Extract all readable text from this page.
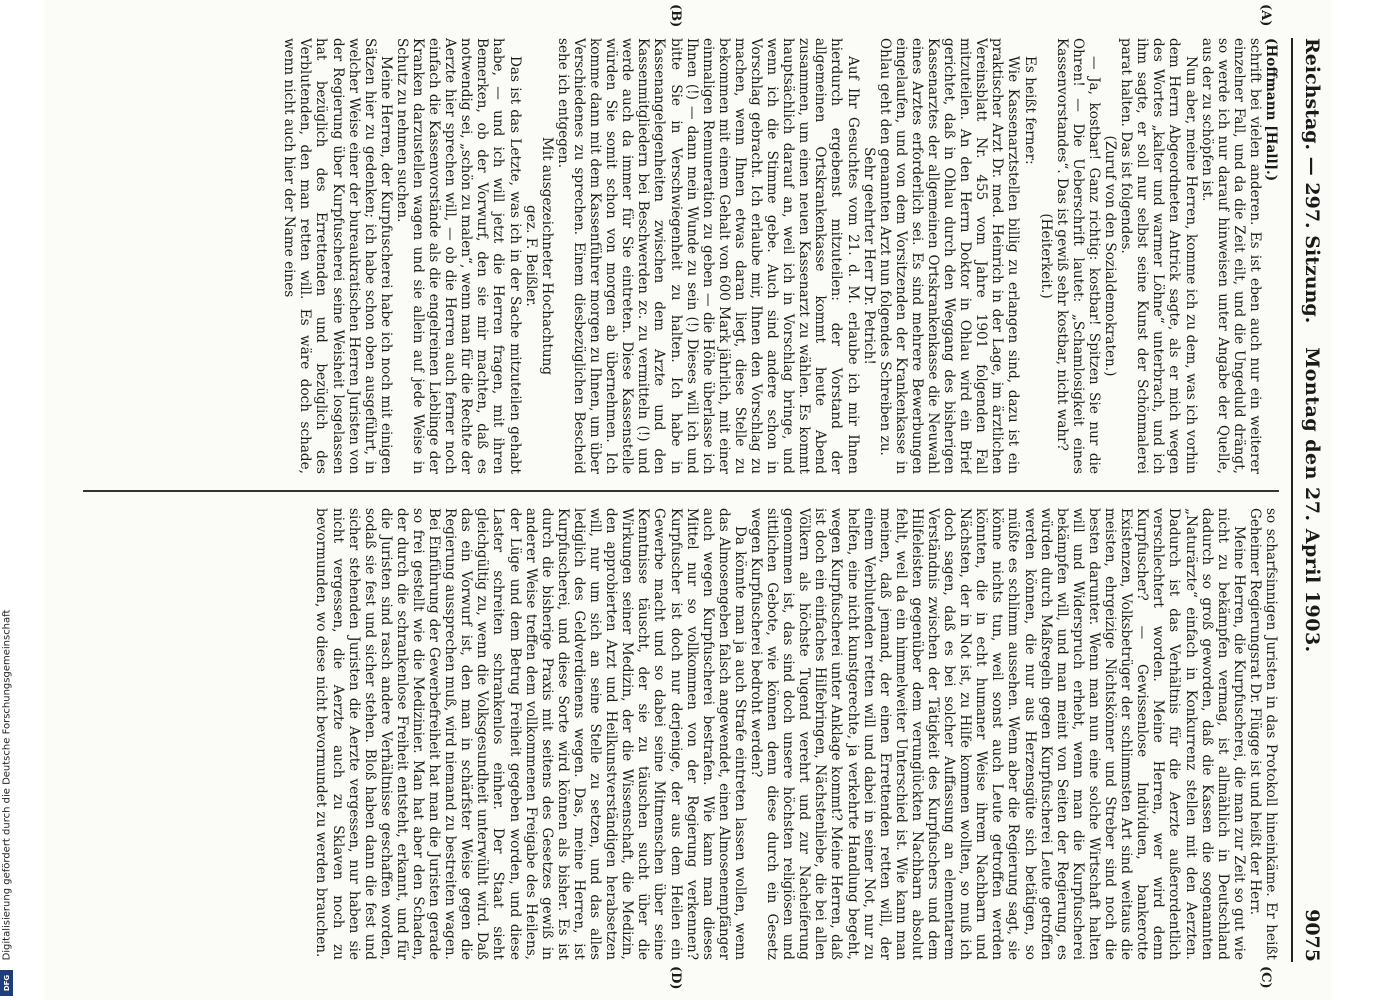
Reichstag. — 297. Sitzung.
Montag den 27. April 1903.
9075
(A)
(B)
(C)
(D)

(Hoffmann [Hall].)

schrift bei vielen anderen. Es ist eben auch nur ein weiterer einzelner Fall, und da die Zeit eilt, und die Ungeduld drängt, so werde ich nur darauf hinweisen unter Angabe der Quelle, aus der zu schöpfen ist.

Nun aber, meine Herren, komme ich zu dem, was ich vorhin dem Herrn Abgeordneten Antrick sagte, als er mich wegen des Wortes „kalter und warmer Löhne“ unterbrach, und ich ihm sagte, er soll nur selbst seine Kunst der Schönmalerei parat halten. Das ist folgendes.

(Zuruf von den Sozialdemokraten.)

— Ja, kostbar! Ganz richtig: kostbar! Spitzen Sie nur die Ohren! — Die Ueberschrift lautet: „Schamlosigkeit eines Kassenvorstandes“. Das ist gewiß sehr kostbar, nicht wahr?

(Heiterkeit.)

Es heißt ferner:

Wie Kassenarztstellen billig zu erlangen sind, dazu ist ein praktischer Arzt Dr. med. Heinrich in der Lage, im ärztlichen Vereinsblatt Nr. 455 vom Jahre 1901 folgenden Fall mitzuteilen. An den Herrn Doktor in Ohlau wird ein Brief gerichtet, daß in Ohlau durch den Weggang des bisherigen Kassenarztes der allgemeinen Ortskrankenkasse die Neuwahl eines Arztes erforderlich sei. Es sind mehrere Bewerbungen eingelaufen, und von dem Vorsitzenden der Krankenkasse in Ohlau geht den genannten Arzt nun folgendes Schreiben zu.

Sehr geehrter Herr Dr. Petrich!

Auf Ihr Gesuchtes vom 21. d. M. erlaube ich mir Ihnen hierdurch ergebenst mitzuteilen: der Vorstand der allgemeinen Ortskrankenkasse kommt heute Abend zusammen, um einen neuen Kassenarzt zu wählen. Es kommt hauptsächlich darauf an, weil ich in Vorschlag bringe, und wenn ich die Stimme gebe. Auch sind andere schon in Vorschlag gebracht. Ich erlaube mir, Ihnen den Vorschlag zu machen, wenn Ihnen etwas daran liegt, diese Stelle zu bekommen mit einem Gehalt von 600 Mark jährlich, mit einer einmaligen Remuneration zu geben — die Höhe überlasse ich Ihnen (!) — dann mein Wunde zu sein (!) Dieses will ich und bitte Sie in Verschwiegenheit zu halten. Ich habe in Kassenangelegenheiten zwischen dem Arzte und den Kassenmitgliedern bei Beschwerden zc. zu vermitteln (!) und werde auch da immer für Sie eintreten. Diese Kassenstelle würden Sie somit schon von morgen ab übernehmen. Ich komme dann mit dem Kassenführer morgen zu Ihnen, um über Verschiedenes zu sprechen. Einem diesbezüglichen Bescheid sehe ich entgegen.

Mit ausgezeichneter Hochachtung

gez. F. Beißler.

Das ist das Letzte, was ich in der Sache mitzuteilen gehabt habe, — und ich will jetzt die Herren fragen, mit ihren Bemerken, ob der Vorwurf, den sie mir machten, daß es notwendig sei, „schön zu malen“, wenn man für die Rechte der Aerzte hier sprechen will, — ob die Herren auch ferner noch einfach die Kassenvorstände als die engelreinen Lieblinge der Kranken darzustellen wagen und sie allein auf jede Weise in Schutz zu nehmen suchen.

Meine Herren, der Kurpfuscherei habe ich noch mit einigen Sätzen hier zu gedenken; ich habe schon oben ausgeführt, in welcher Weise einer der bureaukratischen Herren Juristen von der Regierung über Kurpfuscherei seine Weisheit losgelassen hat bezüglich des Errettenden und bezüglich des Verblutenden, den man retten will. Es wäre doch schade, wenn nicht auch hier der Name eines

so scharfsinnigen Juristen in das Protokoll hineinkäme. Er heißt Geheimer Regierungsrat Dr. Flügge ist und heißt der Herr.

Meine Herren, die Kurpfuscherei, die man zur Zeit so gut wie nicht zu bekämpfen vermag, ist allmählich in Deutschland dadurch so groß geworden, daß die Kassen die sogenannten „Naturärzte“ einfach in Konkurrenz stellen mit den Aerzten. Dadurch ist das Verhältnis für die Aerzte außerordentlich verschlechtert worden. Meine Herren, wer wird denn Kurpfuscher? — Gewissenlose Individuen, bankerotte Existenzen, Volksbetrüger der schlimmsten Art sind weitaus die meisten, ehrgeizige Nichtskönner und Streber sind noch die besten darunter. Wenn man nun eine solche Wirtschaft halten will und Widerspruch erhebt, wenn man die Kurpfuscherei bekämpfen will, und man meint von Seiten der Regierung, es würden durch Maßregeln gegen Kurpfuscherei Leute getroffen werden können, die nur aus Herzensgüte sich betätigen, so müßte es schlimm aussehen. Wenn aber die Regierung sagt, sie könne nichts tun, weil sonst auch Leute getroffen werden könnten, die in echt humaner Weise ihrem Nachbarn und Nächsten, der in Not ist, zu Hilfe kommen wollten, so muß ich doch sagen, daß es bei solcher Auffassung an elementarem Verständnis zwischen der Tätigkeit des Kurpfuschers und dem Hilfeleisten gegenüber dem verunglückten Nachbarn absolut fehlt, weil da ein himmelweiter Unterschied ist. Wie kann man meinen, daß jemand, der einen Errettenden retten will, der einem Verblutenden retten will und dabei in seiner Not, nur zu helfen, eine nicht kunstgerechte, ja verkehrte Handlung begeht, wegen Kurpfuscherei unter Anklage kommt? Meine Herren, daß ist doch ein einfaches Hilfebringen, Nächstenliebe, die bei allen Völkern als höchste Tugend verehrt und zur Nacheiferung genommen ist, das sind doch unsere höchsten religiösen und sittlichen Gebote, wie können denn diese durch ein Gesetz wegen Kurpfuscherei bedroht werden?

Da könnte man ja auch Strafe eintreten lassen wollen, wenn das Almosengeben falsch angewendet, einen Almosenempfänger auch wegen Kurpfuscherei bestrafen. Wie kann man dieses Mittel nur so vollkommen von der Regierung verkennen? Kurpfuscher ist doch nur derjenige, der aus dem Heilen ein Gewerbe macht und so dabei seine Mitmenschen über seine Kenntnisse täuscht, der sie zu täuschen sucht über die Wirkungen seiner Medizin, der die Wissenschaft, die Medizin, den approbierten Arzt und Heilkunstverständigen herabsetzen will, nur um sich an seine Stelle zu setzen, und das alles lediglich des Geldverdienens wegen. Das, meine Herren, ist Kurpfuscherei, und diese Sorte wird können als bisher. Es ist durch die bisherige Praxis mit seitens des Gesetzes gewiß in anderer Weise treffen dem vollkommenen Freigabe des Heilens, der Lüge und dem Betrug Freiheit gegeben worden, und diese Laster schreiten schrankenlos einher. Der Staat sieht gleichgültig zu, wenn die Volksgesundheit unterwühlt wird. Daß das ein Vorwurf ist, den man in schärfster Weise gegen die Regierung aussprechen muß, wird niemand zu bestreiten wagen. Bei Einführung der Gewerbefreiheit hat man die Juristen gerade so frei gestellt wie die Medizinier. Man hat aber den Schaden, der durch die schrankenlose Freiheit entsteht, erkannt, und für die Juristen sind rasch andere Verhältnisse geschaffen worden, sodaß sie fest und sicher stehen. Bloß haben dann die fest und sicher stehenden Juristen die Aerzte vergessen, nur haben sie nicht vergessen, die Aerzte auch zu Sklaven noch zu bevormunden, wo diese nicht bevormundet zu werden brauchen.

Digitalisierung gefördert durch die Deutsche Forschungsgemeinschaft
DFG
